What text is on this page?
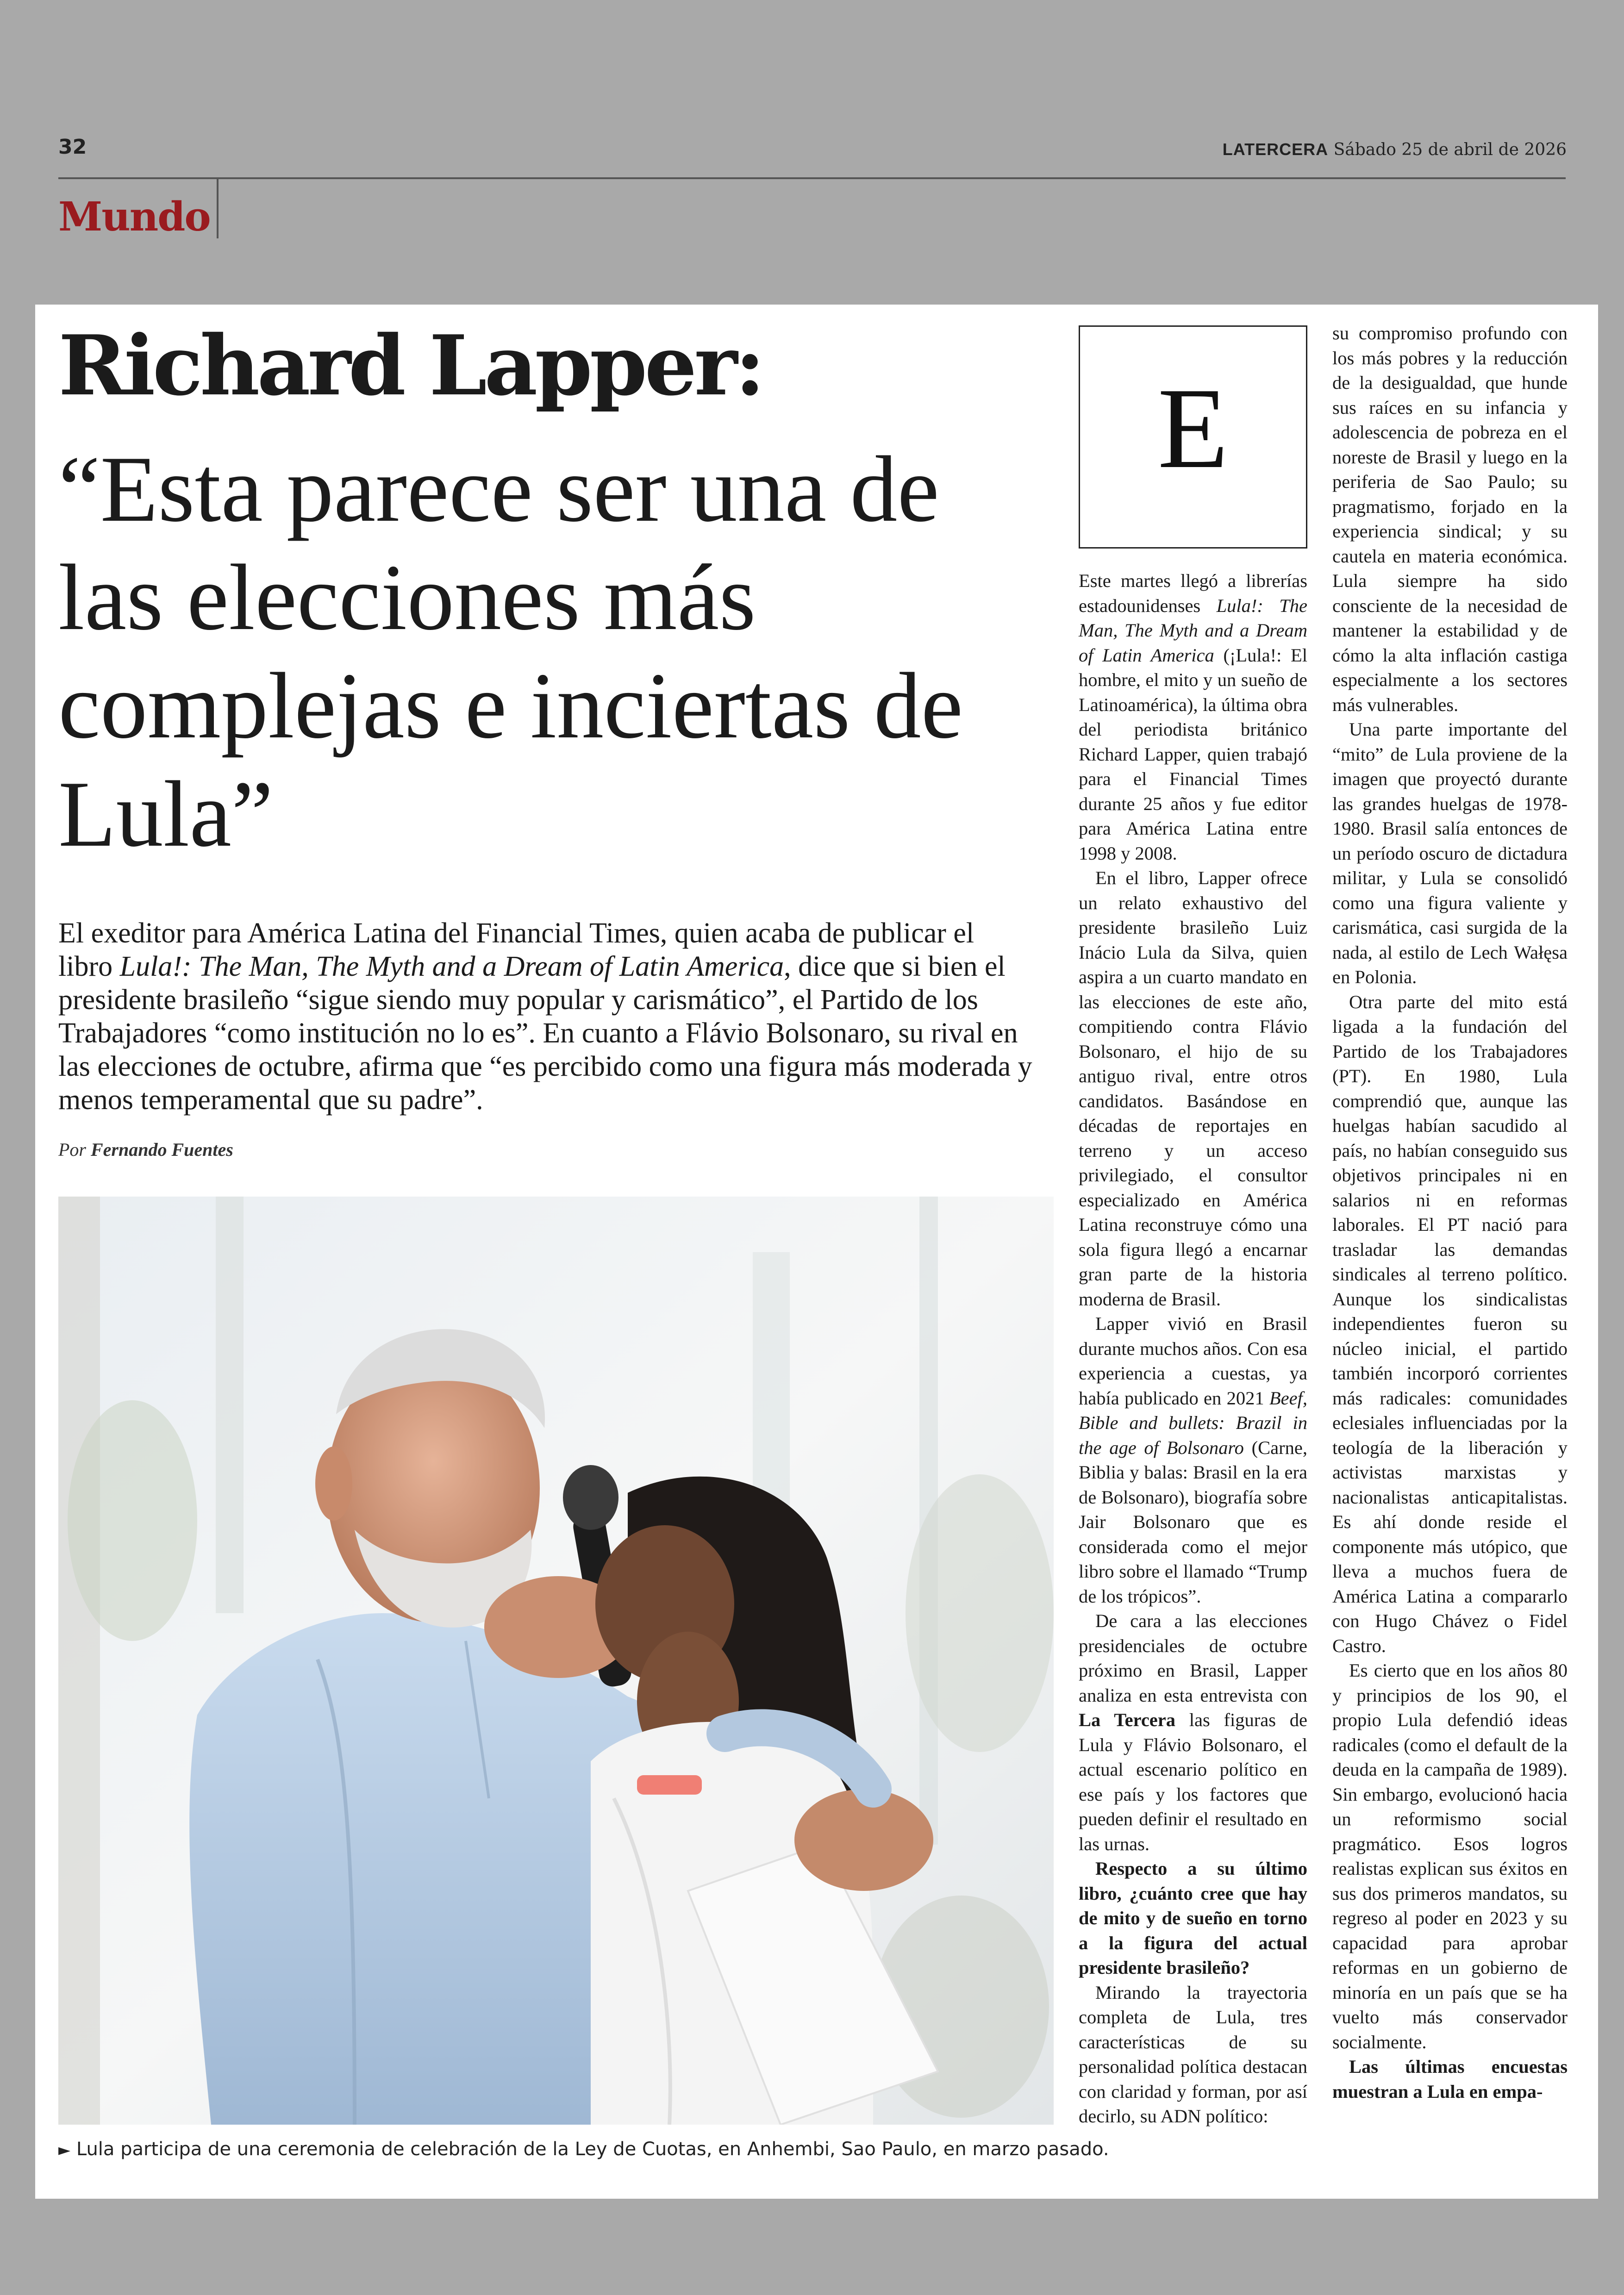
32	LATERCERA Sábado 25 de abril de 2026
Mundo
Richard Lapper:
“Esta parece ser una de las elecciones más complejas e inciertas de Lula”
El exeditor para América Latina del Financial Times, quien acaba de publicar el libro Lula!: The Man, The Myth and a Dream of Latin America, dice que si bien el presidente brasileño “sigue siendo muy popular y carismático”, el Partido de los Trabajadores “como institución no lo es”. En cuanto a Flávio Bolsonaro, su rival en las elecciones de octubre, afirma que “es percibido como una figura más moderada y menos temperamental que su padre”.
Por Fernando Fuentes
► Lula participa de una ceremonia de celebración de la Ley de Cuotas, en Anhembi, Sao Paulo, en marzo pasado.
E

Este martes llegó a librerías estadounidenses Lula!: The Man, The Myth and a Dream of Latin America (¡Lula!: El hombre, el mito y un sueño de Latinoamérica), la última obra del periodista británico Richard Lapper, quien trabajó para el Financial Times durante 25 años y fue editor para América Latina entre 1998 y 2008.

En el libro, Lapper ofrece un relato exhaustivo del presidente brasileño Luiz Inácio Lula da Silva, quien aspira a un cuarto mandato en las elecciones de este año, compitiendo contra Flávio Bolsonaro, el hijo de su antiguo rival, entre otros candidatos. Basándose en décadas de reportajes en terreno y un acceso privilegiado, el consultor especializado en América Latina reconstruye cómo una sola figura llegó a encarnar gran parte de la historia moderna de Brasil.

Lapper vivió en Brasil durante muchos años. Con esa experiencia a cuestas, ya había publicado en 2021 Beef, Bible and bullets: Brazil in the age of Bolsonaro (Carne, Biblia y balas: Brasil en la era de Bolsonaro), biografía sobre Jair Bolsonaro que es considerada como el mejor libro sobre el llamado “Trump de los trópicos”.

De cara a las elecciones presidenciales de octubre próximo en Brasil, Lapper analiza en esta entrevista con La Tercera las figuras de Lula y Flávio Bolsonaro, el actual escenario político en ese país y los factores que pueden definir el resultado en las urnas.

Respecto a su último libro, ¿cuánto cree que hay de mito y de sueño en torno a la figura del actual presidente brasileño?

Mirando la trayectoria completa de Lula, tres características de su personalidad política destacan con claridad y forman, por así decirlo, su ADN político:

su compromiso profundo con los más pobres y la reducción de la desigualdad, que hunde sus raíces en su infancia y adolescencia de pobreza en el noreste de Brasil y luego en la periferia de Sao Paulo; su pragmatismo, forjado en la experiencia sindical; y su cautela en materia económica. Lula siempre ha sido consciente de la necesidad de mantener la estabilidad y de cómo la alta inflación castiga especialmente a los sectores más vulnerables.

Una parte importante del “mito” de Lula proviene de la imagen que proyectó durante las grandes huelgas de 1978-1980. Brasil salía entonces de un período oscuro de dictadura militar, y Lula se consolidó como una figura valiente y carismática, casi surgida de la nada, al estilo de Lech Wałęsa en Polonia.

Otra parte del mito está ligada a la fundación del Partido de los Trabajadores (PT). En 1980, Lula comprendió que, aunque las huelgas habían sacudido al país, no habían conseguido sus objetivos principales ni en salarios ni en reformas laborales. El PT nació para trasladar las demandas sindicales al terreno político. Aunque los sindicalistas independientes fueron su núcleo inicial, el partido también incorporó corrientes más radicales: comunidades eclesiales influenciadas por la teología de la liberación y activistas marxistas y nacionalistas anticapitalistas. Es ahí donde reside el componente más utópico, que lleva a muchos fuera de América Latina a compararlo con Hugo Chávez o Fidel Castro.

Es cierto que en los años 80 y principios de los 90, el propio Lula defendió ideas radicales (como el default de la deuda en la campaña de 1989). Sin embargo, evolucionó hacia un reformismo social pragmático. Esos logros realistas explican sus éxitos en sus dos primeros mandatos, su regreso al poder en 2023 y su capacidad para aprobar reformas en un gobierno de minoría en un país que se ha vuelto más conservador socialmente.

Las últimas encuestas muestran a Lula en empa-
